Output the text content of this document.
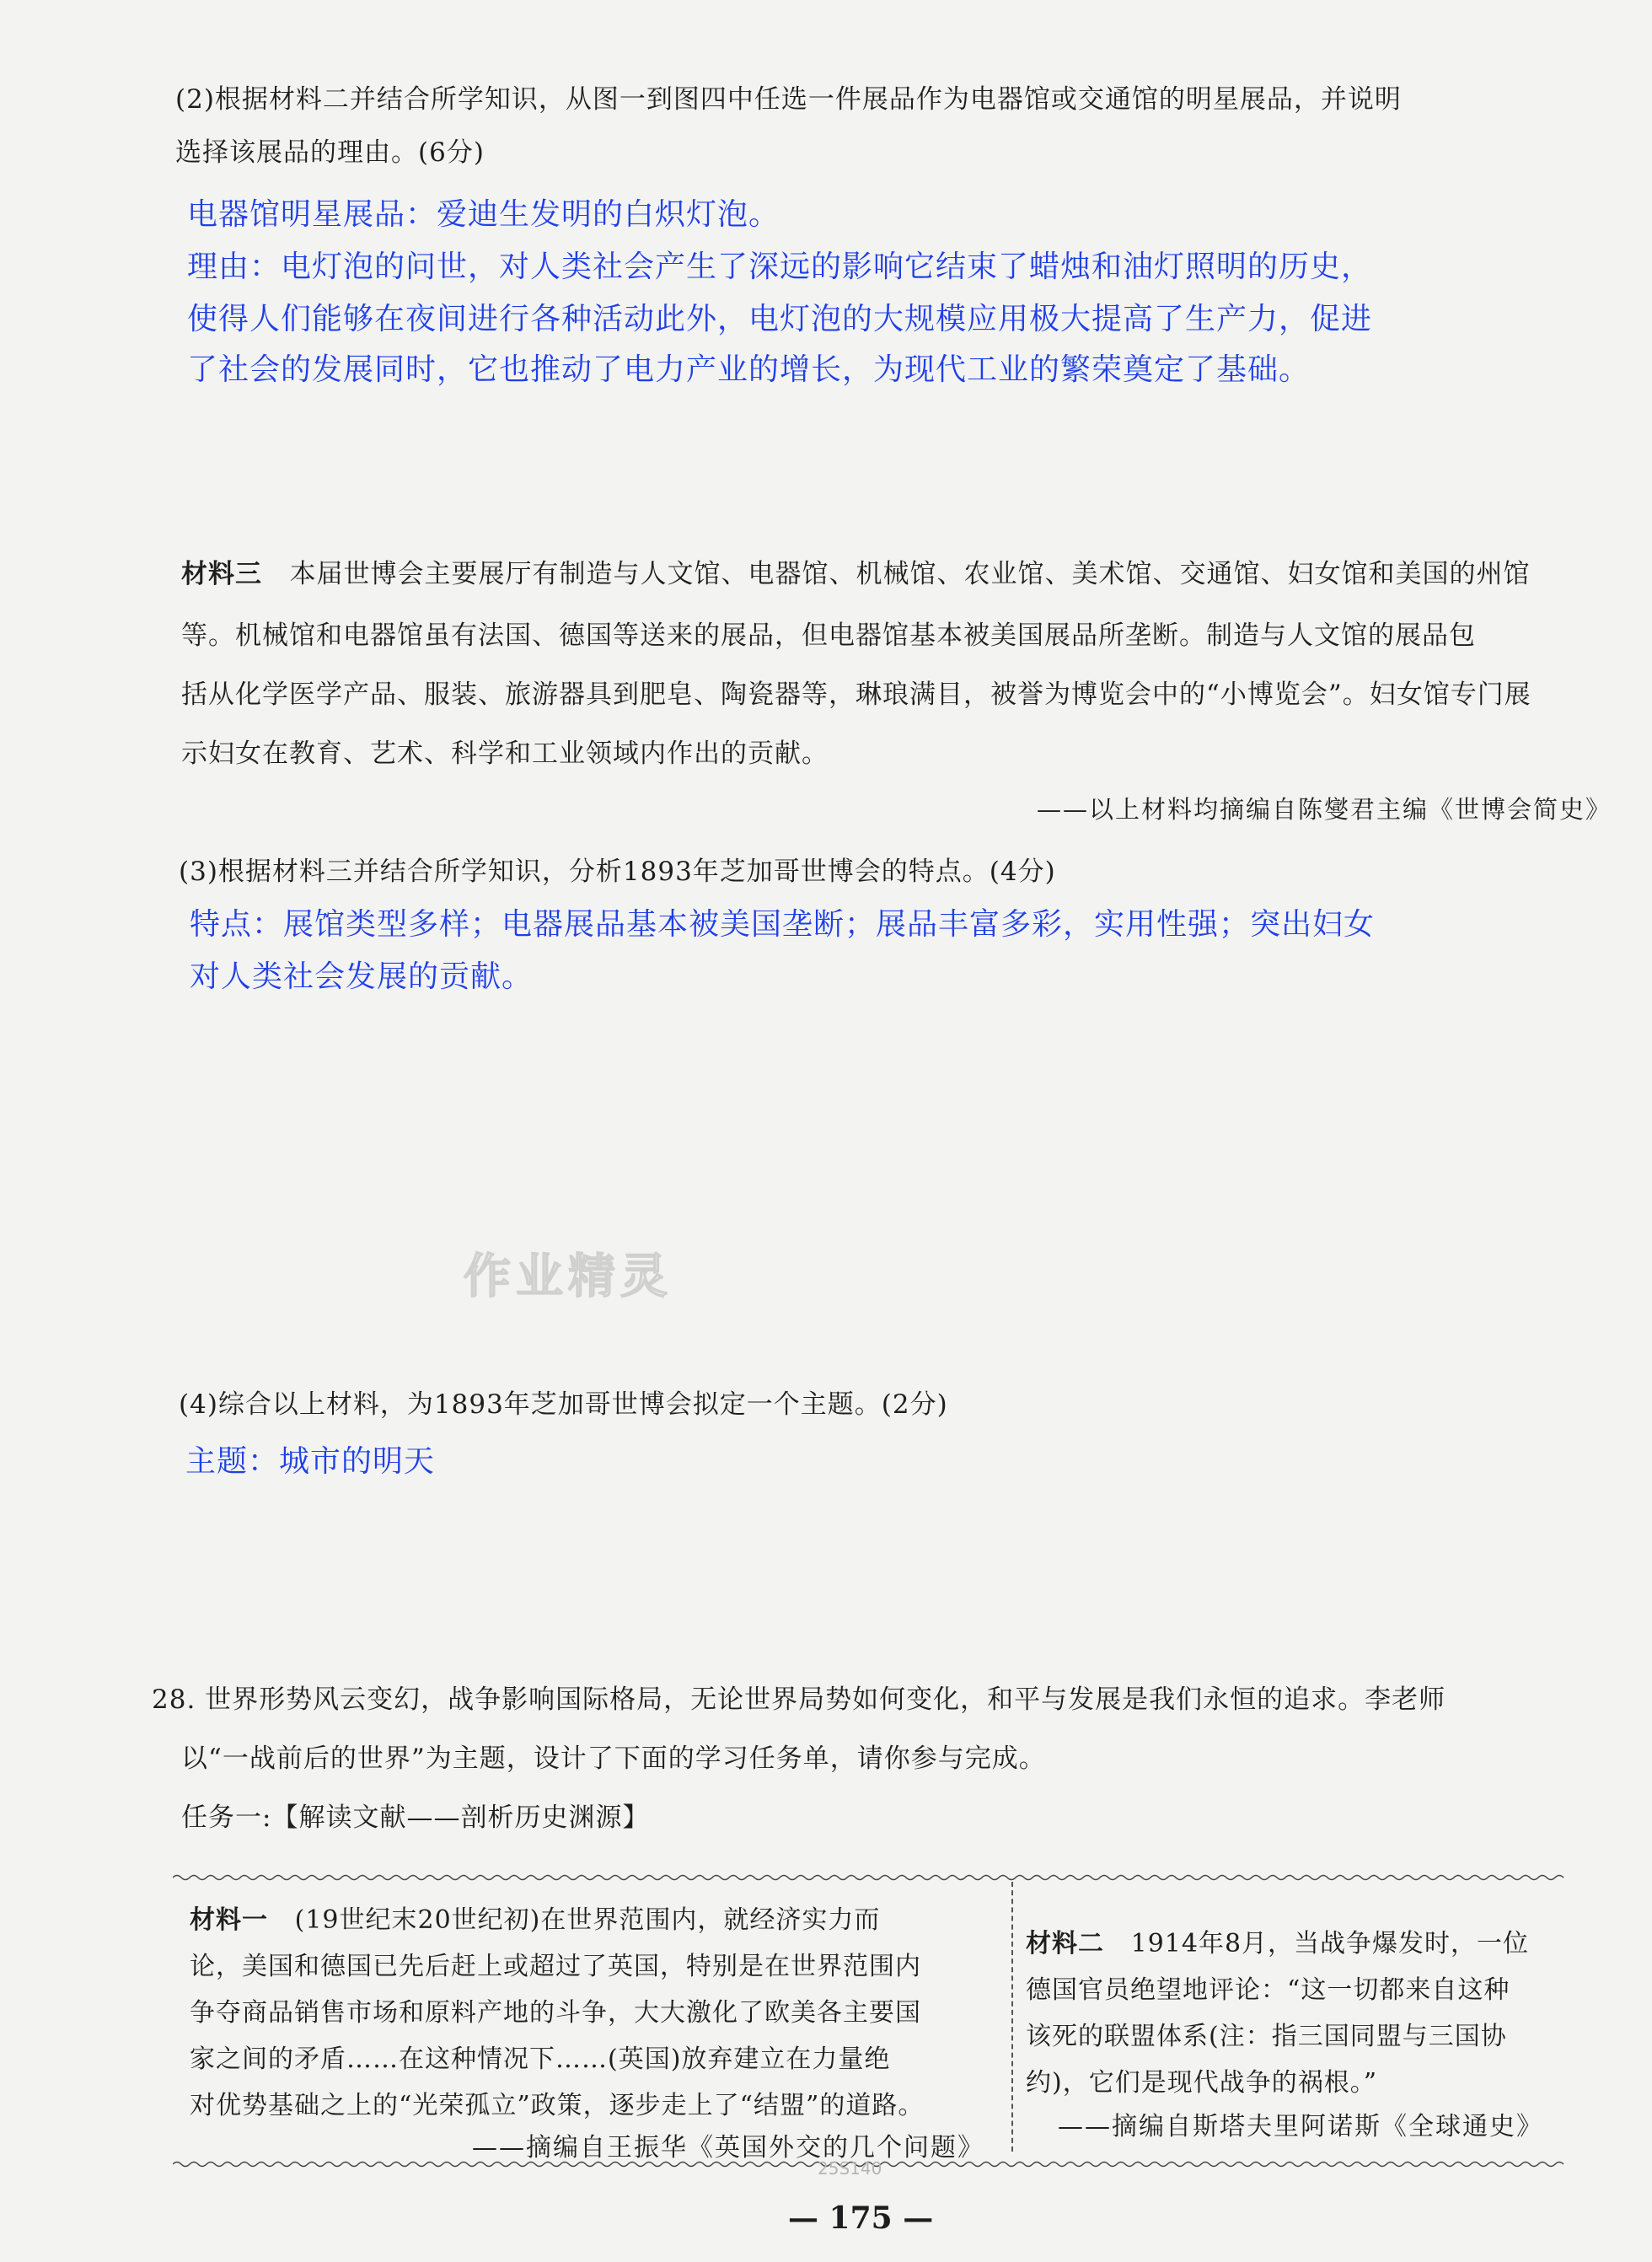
(2)根据材料二并结合所学知识，从图一到图四中任选一件展品作为电器馆或交通馆的明星展品，并说明
选择该展品的理由。(6分)
电器馆明星展品：爱迪生发明的白炽灯泡。
理由：电灯泡的问世，对人类社会产生了深远的影响它结束了蜡烛和油灯照明的历史，
使得人们能够在夜间进行各种活动此外，电灯泡的大规模应用极大提高了生产力，促进
了社会的发展同时，它也推动了电力产业的增长，为现代工业的繁荣奠定了基础。
材料三 本届世博会主要展厅有制造与人文馆、电器馆、机械馆、农业馆、美术馆、交通馆、妇女馆和美国的州馆
等。机械馆和电器馆虽有法国、德国等送来的展品，但电器馆基本被美国展品所垄断。制造与人文馆的展品包
括从化学医学产品、服装、旅游器具到肥皂、陶瓷器等，琳琅满目，被誉为博览会中的“小博览会”。妇女馆专门展
示妇女在教育、艺术、科学和工业领域内作出的贡献。
——以上材料均摘编自陈燮君主编《世博会简史》
(3)根据材料三并结合所学知识，分析1893年芝加哥世博会的特点。(4分)
特点：展馆类型多样；电器展品基本被美国垄断；展品丰富多彩，实用性强；突出妇女
对人类社会发展的贡献。
作业精灵
(4)综合以上材料，为1893年芝加哥世博会拟定一个主题。(2分)
主题：城市的明天
28. 世界形势风云变幻，战争影响国际格局，无论世界局势如何变化，和平与发展是我们永恒的追求。李老师
以“一战前后的世界”为主题，设计了下面的学习任务单，请你参与完成。
任务一:【解读文献——剖析历史渊源】
材料一 (19世纪末20世纪初)在世界范围内，就经济实力而
论，美国和德国已先后赶上或超过了英国，特别是在世界范围内
争夺商品销售市场和原料产地的斗争，大大激化了欧美各主要国
家之间的矛盾……在这种情况下……(英国)放弃建立在力量绝
对优势基础之上的“光荣孤立”政策，逐步走上了“结盟”的道路。
——摘编自王振华《英国外交的几个问题》
材料二 1914年8月，当战争爆发时，一位
德国官员绝望地评论：“这一切都来自这种
该死的联盟体系(注：指三国同盟与三国协
约)，它们是现代战争的祸根。”
——摘编自斯塔夫里阿诺斯《全球通史》
25S140
— 175 —
